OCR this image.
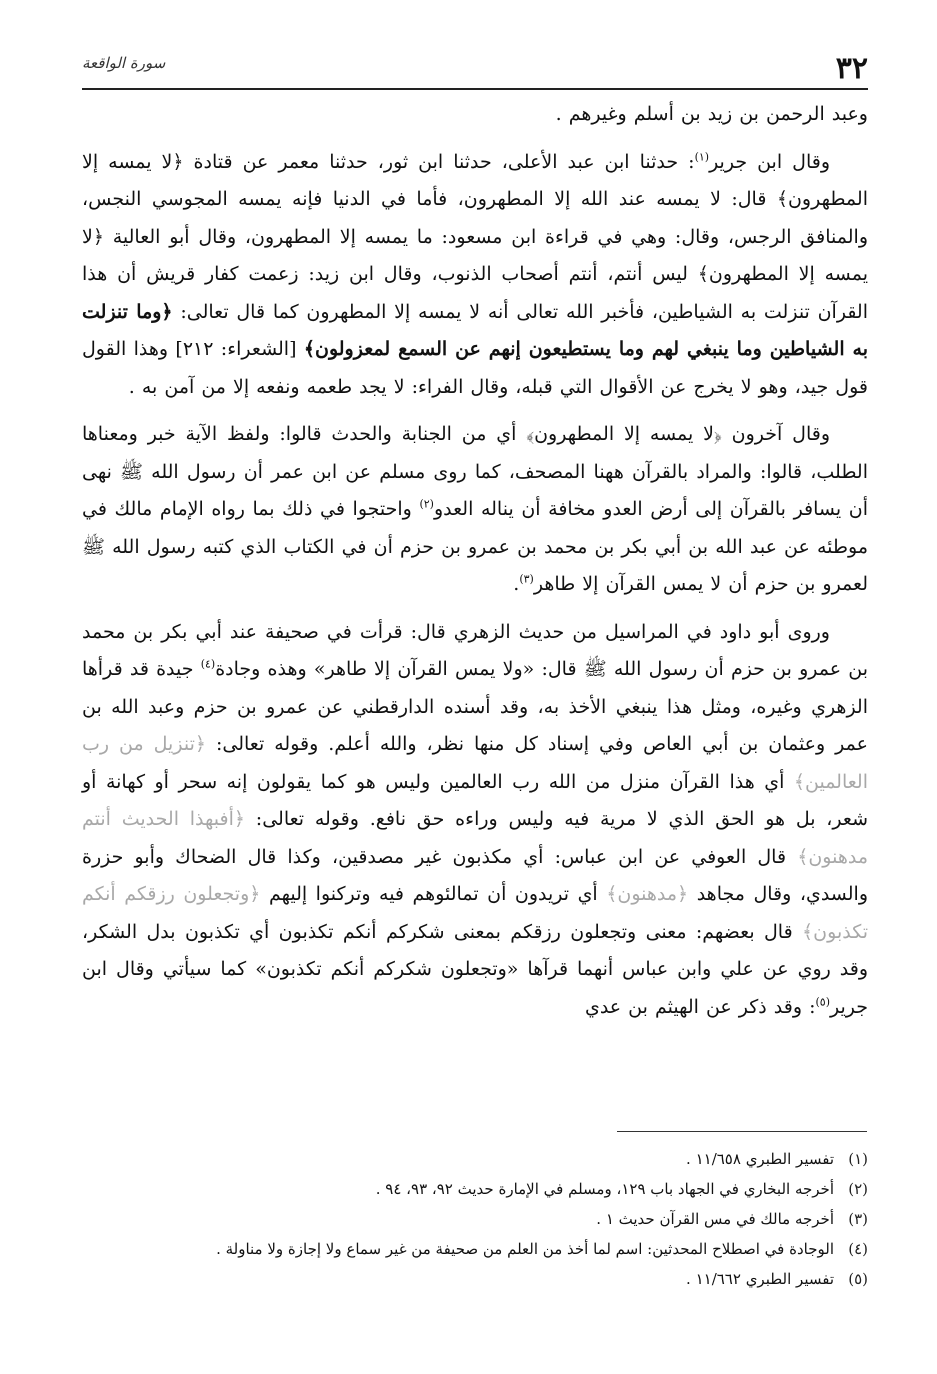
٣٢
سورة الواقعة

وعبد الرحمن بن زيد بن أسلم وغيرهم .

وقال ابن جرير$^{(١)}$: حدثنا ابن عبد الأعلى، حدثنا ابن ثور، حدثنا معمر عن قتادة ﴿لا يمسه إلا المطهرون﴾ قال: لا يمسه عند الله إلا المطهرون، فأما في الدنيا فإنه يمسه المجوسي النجس، والمنافق الرجس، وقال: وهي في قراءة ابن مسعود: ما يمسه إلا المطهرون، وقال أبو العالية ﴿لا يمسه إلا المطهرون﴾ ليس أنتم، أنتم أصحاب الذنوب، وقال ابن زيد: زعمت كفار قريش أن هذا القرآن تنزلت به الشياطين، فأخبر الله تعالى أنه لا يمسه إلا المطهرون كما قال تعالى: ﴿وما تنزلت به الشياطين وما ينبغي لهم وما يستطيعون إنهم عن السمع لمعزولون﴾ [الشعراء: ٢١٢] وهذا القول قول جيد، وهو لا يخرج عن الأقوال التي قبله، وقال الفراء: لا يجد طعمه ونفعه إلا من آمن به .

وقال آخرون ﴿لا يمسه إلا المطهرون﴾ أي من الجنابة والحدث قالوا: ولفظ الآية خبر ومعناها الطلب، قالوا: والمراد بالقرآن ههنا المصحف، كما روى مسلم عن ابن عمر أن رسول الله ﷺ نهى أن يسافر بالقرآن إلى أرض العدو مخافة أن يناله العدو$^{(٢)}$ واحتجوا في ذلك بما رواه الإمام مالك في موطئه عن عبد الله بن أبي بكر بن محمد بن عمرو بن حزم أن في الكتاب الذي كتبه رسول الله ﷺ لعمرو بن حزم أن لا يمس القرآن إلا طاهر$^{(٣)}$.

وروى أبو داود في المراسيل من حديث الزهري قال: قرأت في صحيفة عند أبي بكر بن محمد بن عمرو بن حزم أن رسول الله ﷺ قال: «ولا يمس القرآن إلا طاهر» وهذه وجادة$^{(٤)}$ جيدة قد قرأها الزهري وغيره، ومثل هذا ينبغي الأخذ به، وقد أسنده الدارقطني عن عمرو بن حزم وعبد الله بن عمر وعثمان بن أبي العاص وفي إسناد كل منها نظر، والله أعلم. وقوله تعالى: ﴿تنزيل من رب العالمين﴾ أي هذا القرآن منزل من الله رب العالمين وليس هو كما يقولون إنه سحر أو كهانة أو شعر، بل هو الحق الذي لا مرية فيه وليس وراءه حق نافع. وقوله تعالى: ﴿أفبهذا الحديث أنتم مدهنون﴾ قال العوفي عن ابن عباس: أي مكذبون غير مصدقين، وكذا قال الضحاك وأبو حزرة والسدي، وقال مجاهد ﴿مدهنون﴾ أي تريدون أن تمالئوهم فيه وتركنوا إليهم ﴿وتجعلون رزقكم أنكم تكذبون﴾ قال بعضهم: معنى وتجعلون رزقكم بمعنى شكركم أنكم تكذبون أي تكذبون بدل الشكر، وقد روي عن علي وابن عباس أنهما قرآها «وتجعلون شكركم أنكم تكذبون» كما سيأتي وقال ابن جرير$^{(٥)}$: وقد ذكر عن الهيثم بن عدي

(١)
تفسير الطبري ١١/٦٥٨ .
(٢)
أخرجه البخاري في الجهاد باب ١٢٩، ومسلم في الإمارة حديث ٩٢، ٩٣، ٩٤ .
(٣)
أخرجه مالك في مس القرآن حديث ١ .
(٤)
الوجادة في اصطلاح المحدثين: اسم لما أخذ من العلم من صحيفة من غير سماع ولا إجازة ولا مناولة .
(٥)
تفسير الطبري ١١/٦٦٢ .
